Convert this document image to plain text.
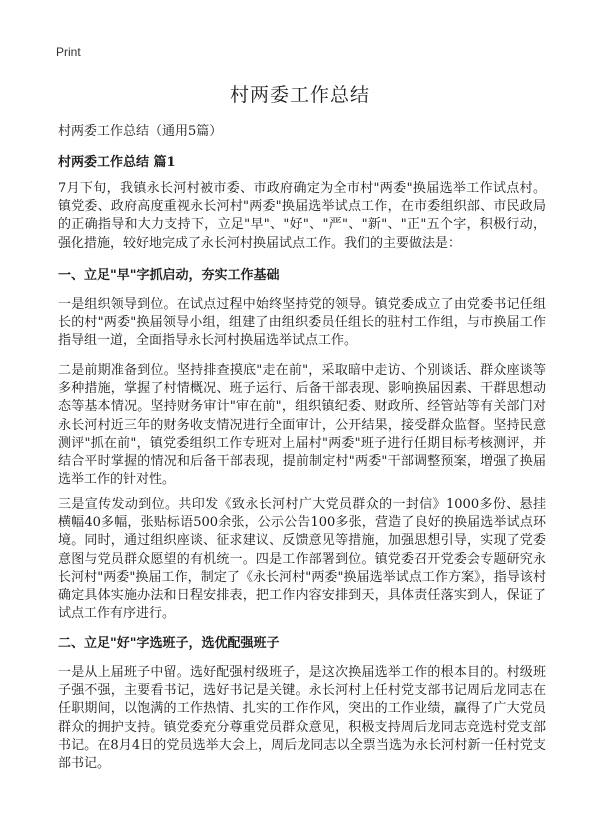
Print
村两委工作总结

村两委工作总结（通用5篇）

村两委工作总结 篇1

7月下旬，我镇永长河村被市委、市政府确定为全市村"两委"换届选举工作试点村。镇党委、政府高度重视永长河村"两委"换届选举试点工作，在市委组织部、市民政局的正确指导和大力支持下，立足"早"、"好"、"严"、"新"、"正"五个字，积极行动，强化措施，较好地完成了永长河村换届试点工作。我们的主要做法是：

一、立足"早"字抓启动，夯实工作基础

一是组织领导到位。在试点过程中始终坚持党的领导。镇党委成立了由党委书记任组长的村"两委"换届领导小组，组建了由组织委员任组长的驻村工作组，与市换届工作指导组一道，全面指导永长河村换届选举试点工作。

二是前期准备到位。坚持排查摸底"走在前"，采取暗中走访、个别谈话、群众座谈等多种措施，掌握了村情概况、班子运行、后备干部表现、影响换届因素、干群思想动态等基本情况。坚持财务审计"审在前"，组织镇纪委、财政所、经管站等有关部门对永长河村近三年的财务收支情况进行全面审计，公开结果，接受群众监督。坚持民意测评"抓在前"，镇党委组织工作专班对上届村"两委"班子进行任期目标考核测评，并结合平时掌握的情况和后备干部表现，提前制定村"两委"干部调整预案，增强了换届选举工作的针对性。

三是宣传发动到位。共印发《致永长河村广大党员群众的一封信》1000多份、悬挂横幅40多幅，张贴标语500余张，公示公告100多张，营造了良好的换届选举试点环境。同时，通过组织座谈、征求建议、反馈意见等措施，加强思想引导，实现了党委意图与党员群众愿望的有机统一。四是工作部署到位。镇党委召开党委会专题研究永长河村"两委"换届工作，制定了《永长河村"两委"换届选举试点工作方案》，指导该村确定具体实施办法和日程安排表，把工作内容安排到天，具体责任落实到人，保证了试点工作有序进行。

二、立足"好"字选班子，选优配强班子

一是从上届班子中留。选好配强村级班子，是这次换届选举工作的根本目的。村级班子强不强，主要看书记，选好书记是关键。永长河村上任村党支部书记周后龙同志在任职期间，以饱满的工作热情、扎实的工作作风，突出的工作业绩，赢得了广大党员群众的拥护支持。镇党委充分尊重党员群众意见，积极支持周后龙同志竞选村党支部书记。在8月4日的党员选举大会上，周后龙同志以全票当选为永长河村新一任村党支部书记。
